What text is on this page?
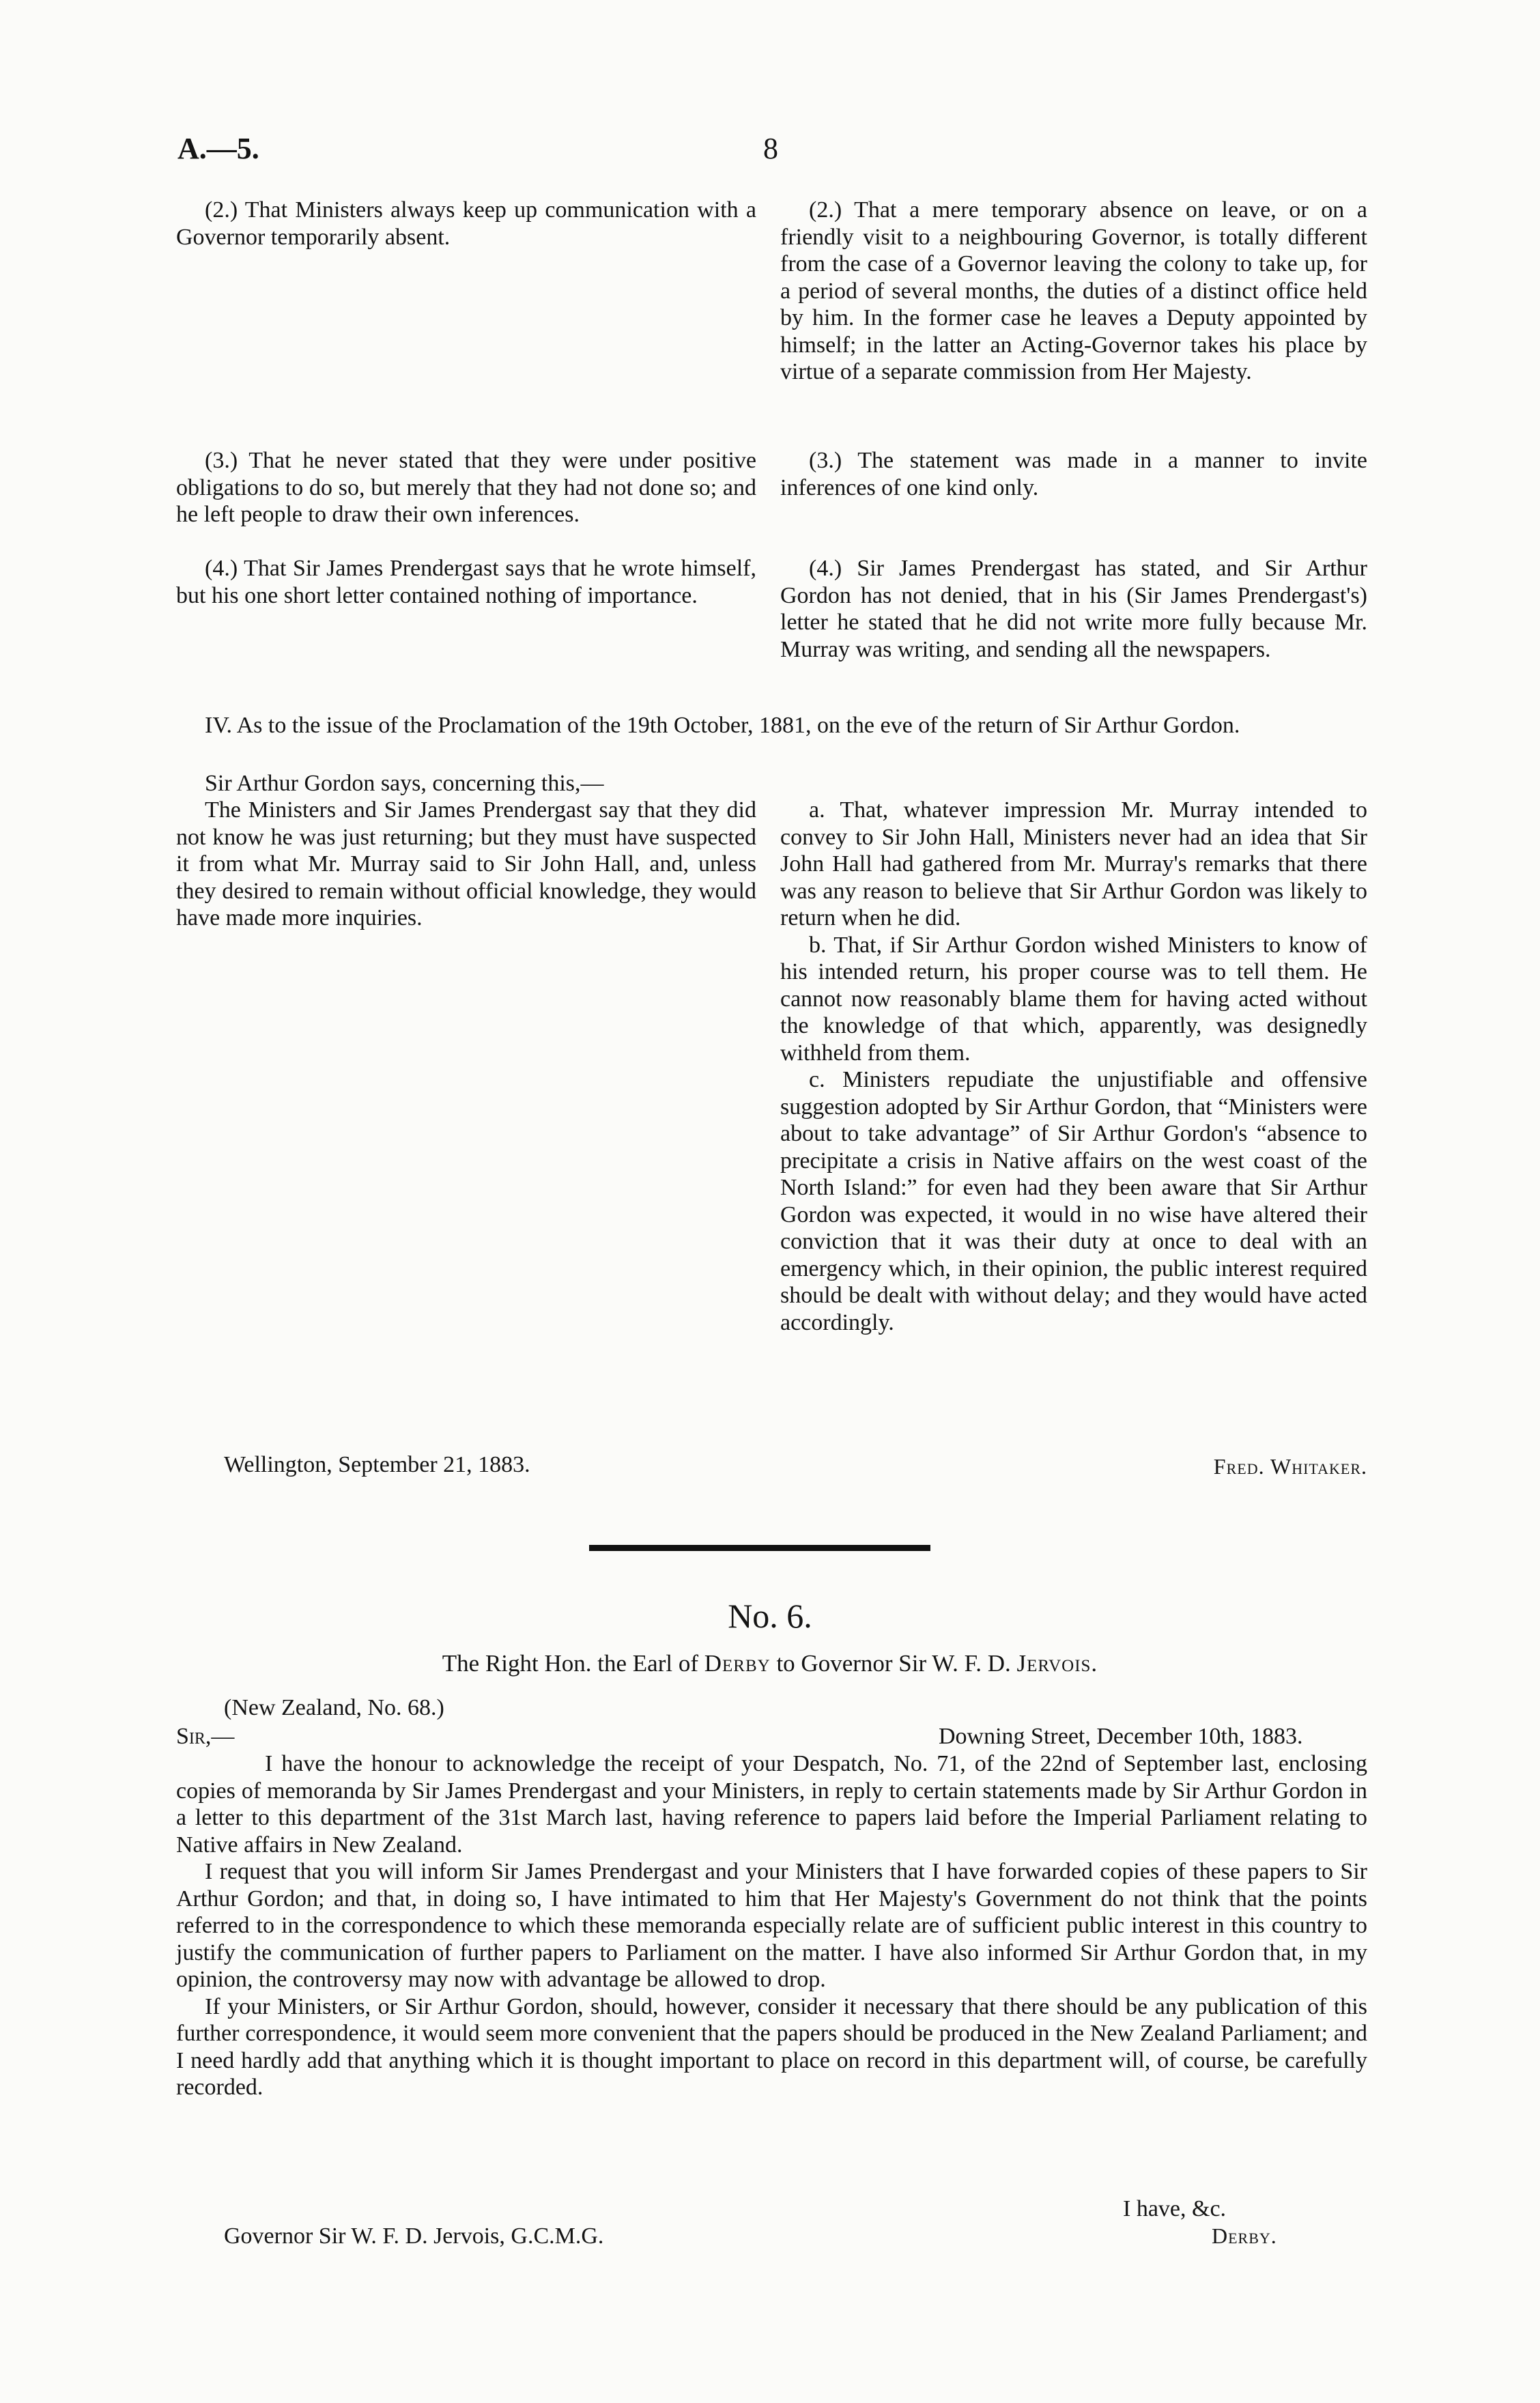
A.—5.	8

(2.) That Ministers always keep up communication with a Governor temporarily absent.

(2.) That a mere temporary absence on leave, or on a friendly visit to a neighbouring Governor, is totally different from the case of a Governor leaving the colony to take up, for a period of several months, the duties of a distinct office held by him. In the former case he leaves a Deputy appointed by himself; in the latter an Acting-Governor takes his place by virtue of a separate commission from Her Majesty.

(3.) That he never stated that they were under positive obligations to do so, but merely that they had not done so; and he left people to draw their own inferences.

(3.) The statement was made in a manner to invite inferences of one kind only.

(4.) That Sir James Prendergast says that he wrote himself, but his one short letter contained nothing of importance.

(4.) Sir James Prendergast has stated, and Sir Arthur Gordon has not denied, that in his (Sir James Prendergast's) letter he stated that he did not write more fully because Mr. Murray was writing, and sending all the newspapers.

IV. As to the issue of the Proclamation of the 19th October, 1881, on the eve of the return of Sir Arthur Gordon.

Sir Arthur Gordon says, concerning this,—

The Ministers and Sir James Prendergast say that they did not know he was just returning; but they must have suspected it from what Mr. Murray said to Sir John Hall, and, unless they desired to remain without official knowledge, they would have made more inquiries.

a. That, whatever impression Mr. Murray intended to convey to Sir John Hall, Ministers never had an idea that Sir John Hall had gathered from Mr. Murray's remarks that there was any reason to believe that Sir Arthur Gordon was likely to return when he did.

b. That, if Sir Arthur Gordon wished Ministers to know of his intended return, his proper course was to tell them. He cannot now reasonably blame them for having acted without the knowledge of that which, apparently, was designedly withheld from them.

c. Ministers repudiate the unjustifiable and offensive suggestion adopted by Sir Arthur Gordon, that “Ministers were about to take advantage” of Sir Arthur Gordon's “absence to precipitate a crisis in Native affairs on the west coast of the North Island:” for even had they been aware that Sir Arthur Gordon was expected, it would in no wise have altered their conviction that it was their duty at once to deal with an emergency which, in their opinion, the public interest required should be dealt with without delay; and they would have acted accordingly.

Wellington, September 21, 1883.	Fred. Whitaker.
No. 6.
The Right Hon. the Earl of Derby to Governor Sir W. F. D. Jervois.
(New Zealand, No. 68.)
Sir,—	Downing Street, December 10th, 1883.

I have the honour to acknowledge the receipt of your Despatch, No. 71, of the 22nd of September last, enclosing copies of memoranda by Sir James Prendergast and your Ministers, in reply to certain statements made by Sir Arthur Gordon in a letter to this department of the 31st March last, having reference to papers laid before the Imperial Parliament relating to Native affairs in New Zealand.

I request that you will inform Sir James Prendergast and your Ministers that I have forwarded copies of these papers to Sir Arthur Gordon; and that, in doing so, I have intimated to him that Her Majesty's Government do not think that the points referred to in the correspondence to which these memoranda especially relate are of sufficient public interest in this country to justify the communication of further papers to Parliament on the matter. I have also informed Sir Arthur Gordon that, in my opinion, the controversy may now with advantage be allowed to drop.

If your Ministers, or Sir Arthur Gordon, should, however, consider it necessary that there should be any publication of this further correspondence, it would seem more convenient that the papers should be produced in the New Zealand Parliament; and I need hardly add that anything which it is thought important to place on record in this department will, of course, be carefully recorded.

I have, &c.
Governor Sir W. F. D. Jervois, G.C.M.G.	Derby.
